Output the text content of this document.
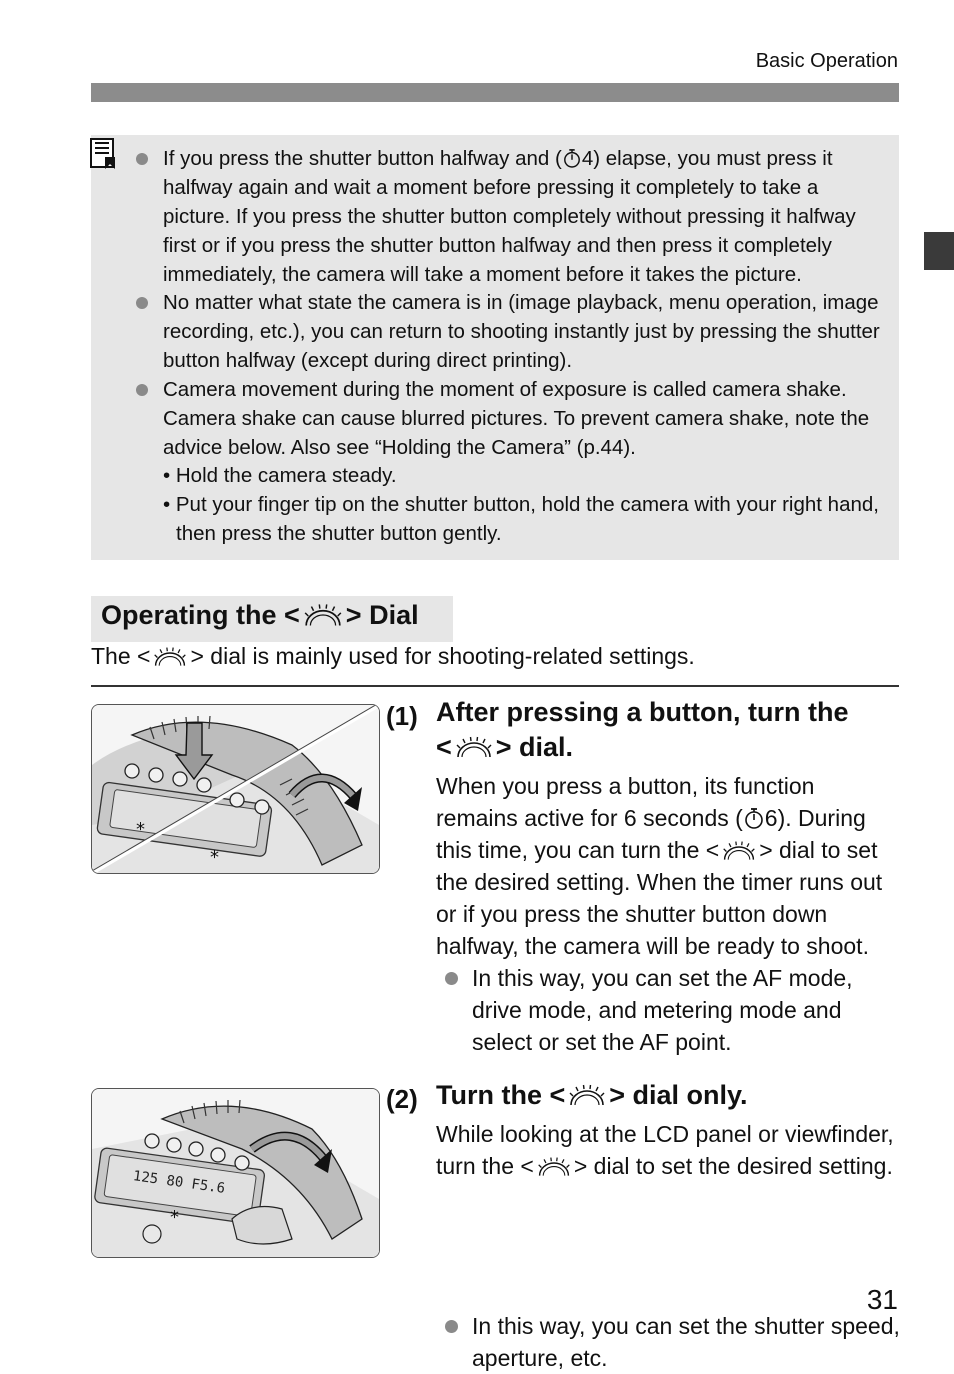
Basic Operation
If you press the shutter button halfway and ( 4) elapse, you must press it halfway again and wait a moment before pressing it completely to take a picture. If you press the shutter button completely without pressing it halfway first or if you press the shutter button halfway and then press it completely immediately, the camera will take a moment before it takes the picture.
No matter what state the camera is in (image playback, menu operation, image recording, etc.), you can return to shooting instantly just by pressing the shutter button halfway (except during direct printing).
Camera movement during the moment of exposure is called camera shake. Camera shake can cause blurred pictures. To prevent camera shake, note the advice below. Also see “Holding the Camera” (p.44).
• Hold the camera steady.
• Put your finger tip on the shutter button, hold the camera with your right hand, then press the shutter button gently.
Operating the < > Dial
The < > dial is mainly used for shooting-related settings.
*
*
(1) After pressing a button, turn the
< > dial.
When you press a button, its function remains active for 6 seconds ( 6). During this time, you can turn the < > dial to set the desired setting. When the timer runs out or if you press the shutter button down halfway, the camera will be ready to shoot.
In this way, you can set the AF mode, drive mode, and metering mode and select or set the AF point.
125 80 F5.6
*
(2) Turn the < > dial only.
While looking at the LCD panel or viewfinder, turn the < > dial to set the desired setting.
In this way, you can set the shutter speed, aperture, etc.
31
